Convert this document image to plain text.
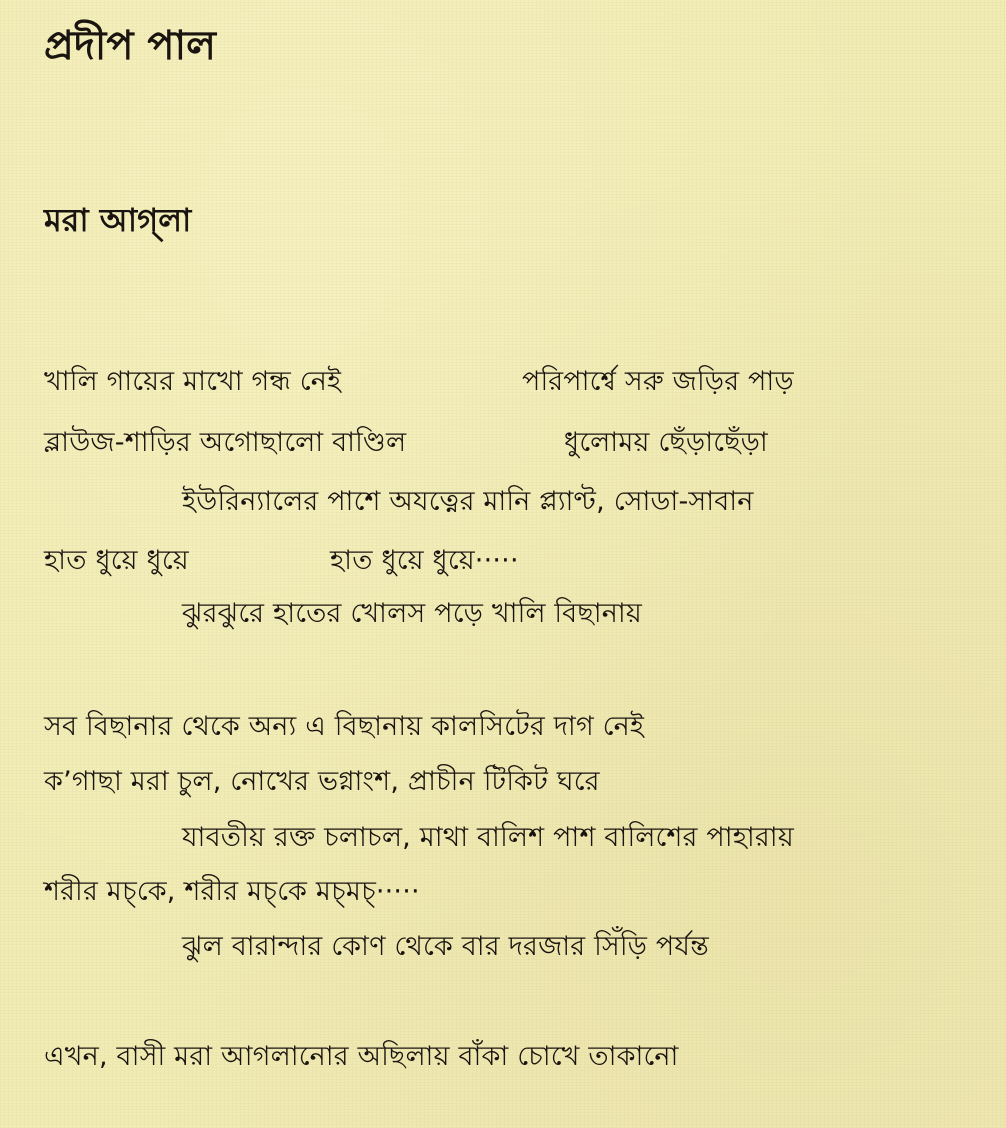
প্রদীপ পাল
মরা আগ্‌লা
খালি গায়ের মাখো গন্ধ নেই	পরিপার্শ্বে সরু জড়ির পাড়
ব্লাউজ-শাড়ির অগোছালো বাণ্ডিল	ধুলোময় ছেঁড়াছেঁড়া
ইউরিন্যালের পাশে অযত্নের মানি প্ল্যাণ্ট, সোডা-সাবান
হাত ধুয়ে ধুয়ে	হাত ধুয়ে ধুয়ে·····
ঝুরঝুরে হাতের খোলস পড়ে খালি বিছানায়
সব বিছানার থেকে অন্য এ বিছানায় কালসিটের দাগ নেই
ক’গাছা মরা চুল, নোখের ভগ্নাংশ, প্রাচীন টিকিট ঘরে
যাবতীয় রক্ত চলাচল, মাথা বালিশ পাশ বালিশের পাহারায়
শরীর মচ্‌কে, শরীর মচ্‌কে মচ্‌মচ্‌·····
ঝুল বারান্দার কোণ থেকে বার দরজার সিঁড়ি পর্যন্ত
এখন, বাসী মরা আগলানোর অছিলায় বাঁকা চোখে তাকানো
